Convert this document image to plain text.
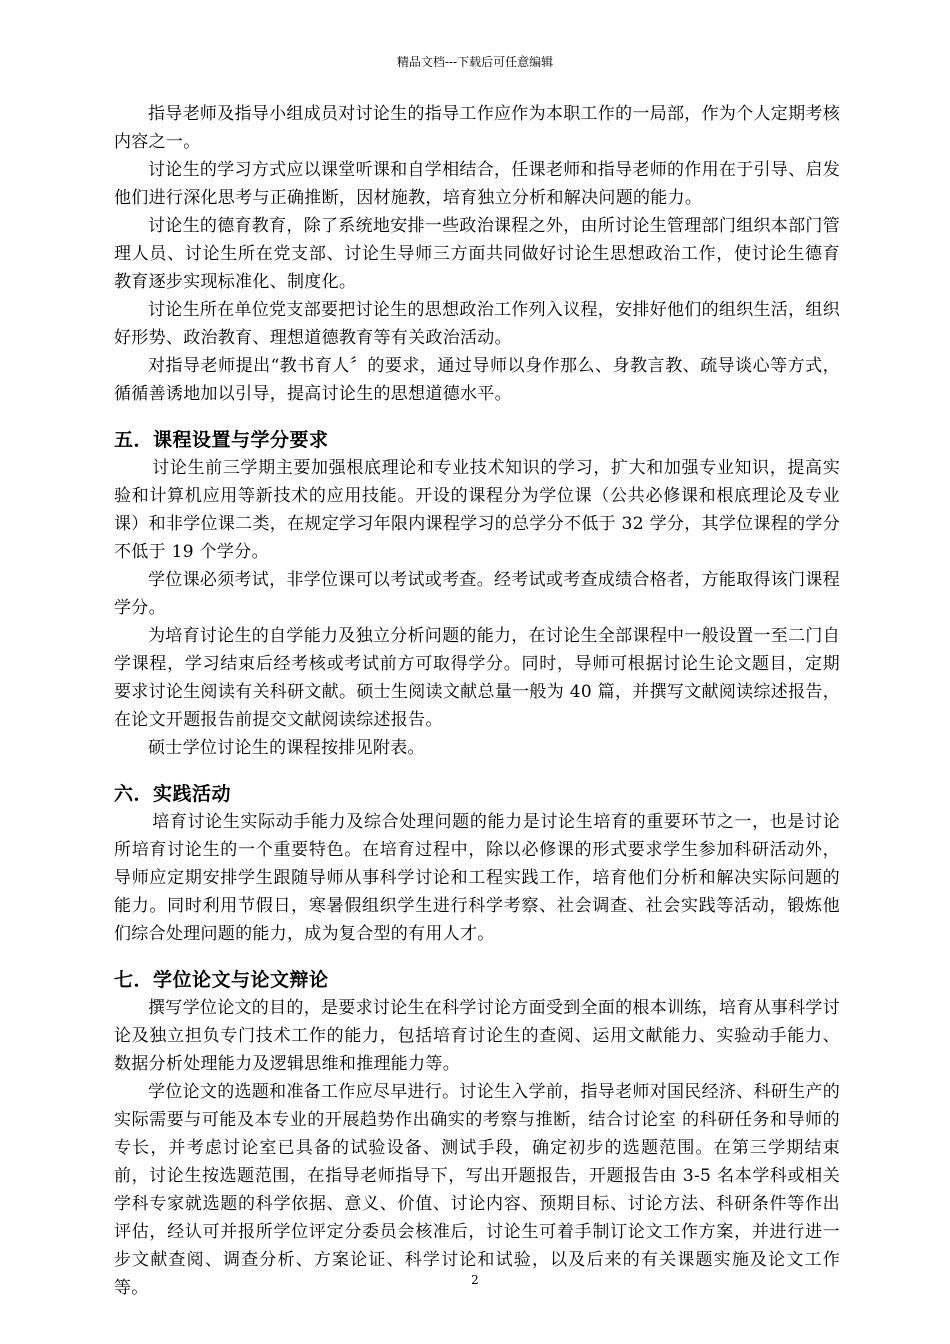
精品文档---下载后可任意编辑

指导老师及指导小组成员对讨论生的指导工作应作为本职工作的一局部，作为个人定期考核内容之一。

讨论生的学习方式应以课堂听课和自学相结合，任课老师和指导老师的作用在于引导、启发他们进行深化思考与正确推断，因材施教，培育独立分析和解决问题的能力。

讨论生的德育教育，除了系统地安排一些政治课程之外，由所讨论生管理部门组织本部门管理人员、讨论生所在党支部、讨论生导师三方面共同做好讨论生思想政治工作，使讨论生德育教育逐步实现标准化、制度化。

讨论生所在单位党支部要把讨论生的思想政治工作列入议程，安排好他们的组织生活，组织好形势、政治教育、理想道德教育等有关政治活动。

对指导老师提出“教书育人〞的要求，通过导师以身作那么、身教言教、疏导谈心等方式，循循善诱地加以引导，提高讨论生的思想道德水平。

五．课程设置与学分要求

讨论生前三学期主要加强根底理论和专业技术知识的学习，扩大和加强专业知识，提高实验和计算机应用等新技术的应用技能。开设的课程分为学位课（公共必修课和根底理论及专业课）和非学位课二类，在规定学习年限内课程学习的总学分不低于 32 学分，其学位课程的学分不低于 19 个学分。

学位课必须考试，非学位课可以考试或考查。经考试或考查成绩合格者，方能取得该门课程学分。

为培育讨论生的自学能力及独立分析问题的能力，在讨论生全部课程中一般设置一至二门自学课程，学习结束后经考核或考试前方可取得学分。同时，导师可根据讨论生论文题目，定期要求讨论生阅读有关科研文献。硕士生阅读文献总量一般为 40 篇，并撰写文献阅读综述报告，在论文开题报告前提交文献阅读综述报告。

硕士学位讨论生的课程按排见附表。

六．实践活动

培育讨论生实际动手能力及综合处理问题的能力是讨论生培育的重要环节之一，也是讨论所培育讨论生的一个重要特色。在培育过程中，除以必修课的形式要求学生参加科研活动外，导师应定期安排学生跟随导师从事科学讨论和工程实践工作，培育他们分析和解决实际问题的能力。同时利用节假日，寒暑假组织学生进行科学考察、社会调查、社会实践等活动，锻炼他们综合处理问题的能力，成为复合型的有用人才。

七．学位论文与论文辩论

撰写学位论文的目的，是要求讨论生在科学讨论方面受到全面的根本训练，培育从事科学讨论及独立担负专门技术工作的能力，包括培育讨论生的查阅、运用文献能力、实验动手能力、数据分析处理能力及逻辑思维和推理能力等。

学位论文的选题和准备工作应尽早进行。讨论生入学前，指导老师对国民经济、科研生产的实际需要与可能及本专业的开展趋势作出确实的考察与推断，结合讨论室 的科研任务和导师的专长，并考虑讨论室已具备的试验设备、测试手段，确定初步的选题范围。在第三学期结束前，讨论生按选题范围，在指导老师指导下，写出开题报告，开题报告由 3-5 名本学科或相关学科专家就选题的科学依据、意义、价值、讨论内容、预期目标、讨论方法、科研条件等作出评估，经认可并报所学位评定分委员会核准后，讨论生可着手制订论文工作方案，并进行进一步文献查阅、调查分析、方案论证、科学讨论和试验，以及后来的有关课题实施及论文工作等。	2
